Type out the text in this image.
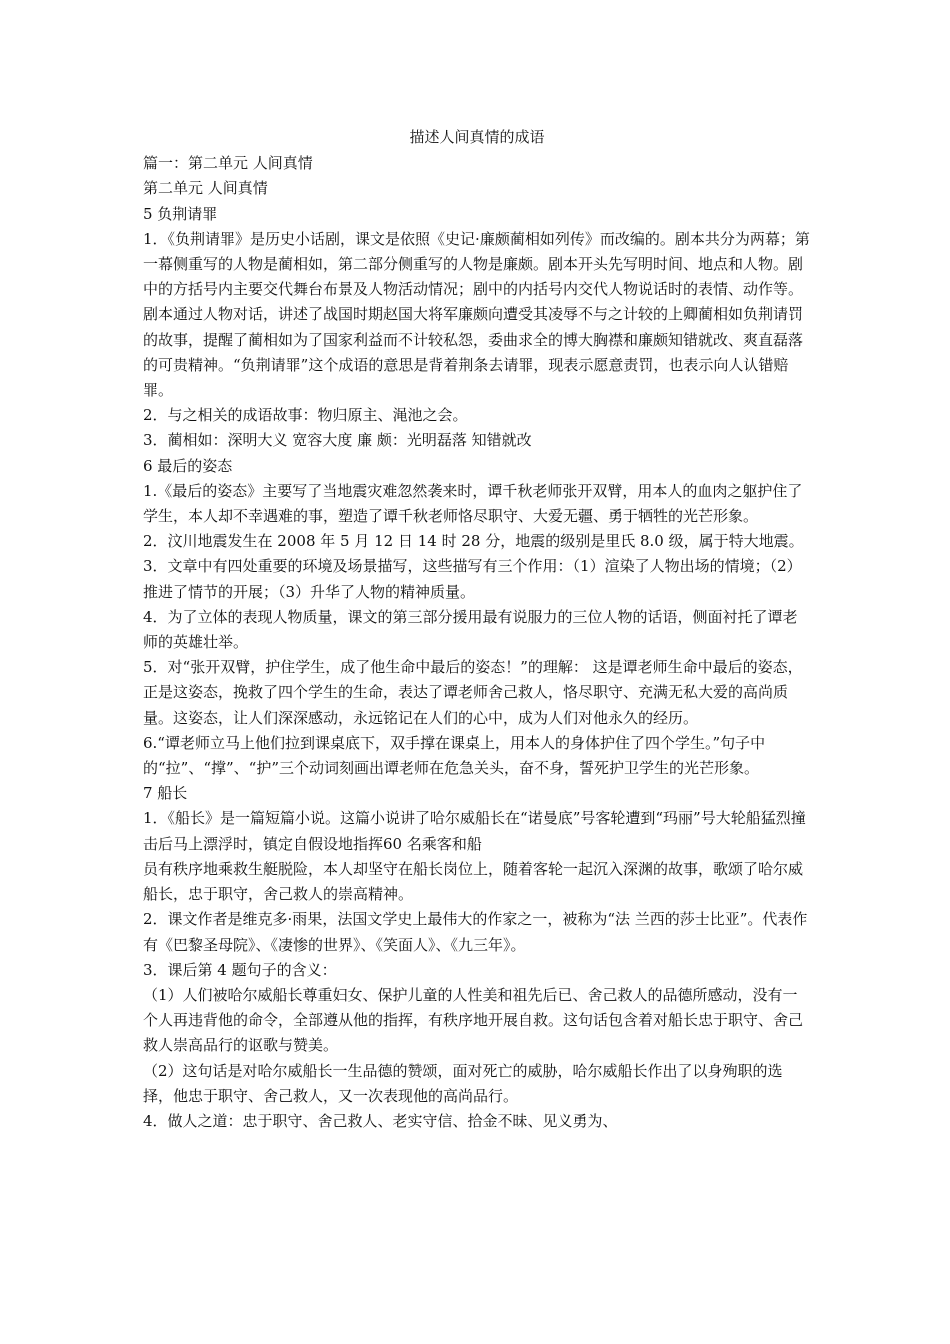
描述人间真情的成语
篇一：第二单元 人间真情
第二单元 人间真情
5 负荆请罪
1．《负荆请罪》是历史小话剧，课文是依照《史记·廉颇蔺相如列传》而改编的。剧本共分为两幕；第一幕侧重写的人物是蔺相如，第二部分侧重写的人物是廉颇。剧本开头先写明时间、地点和人物。剧中的方括号内主要交代舞台布景及人物活动情况；剧中的内括号内交代人物说话时的表情、动作等。剧本通过人物对话，讲述了战国时期赵国大将军廉颇向遭受其凌辱不与之计较的上卿蔺相如负荆请罚的故事，提醒了蔺相如为了国家利益而不计较私怨，委曲求全的博大胸襟和廉颇知错就改、爽直磊落的可贵精神。“负荆请罪”这个成语的意思是背着荆条去请罪，现表示愿意责罚，也表示向人认错赔罪。
2．与之相关的成语故事：物归原主、渑池之会。
3．蔺相如：深明大义 宽容大度 廉 颇：光明磊落 知错就改
6 最后的姿态
1.《最后的姿态》主要写了当地震灾难忽然袭来时，谭千秋老师张开双臂，用本人的血肉之躯护住了学生，本人却不幸遇难的事，塑造了谭千秋老师恪尽职守、大爱无疆、勇于牺牲的光芒形象。
2．汶川地震发生在 2008 年 5 月 12 日 14 时 28 分，地震的级别是里氏 8.0 级，属于特大地震。
3．文章中有四处重要的环境及场景描写，这些描写有三个作用：（1）渲染了人物出场的情境；（2）推进了情节的开展；（3）升华了人物的精神质量。
4．为了立体的表现人物质量，课文的第三部分援用最有说服力的三位人物的话语，侧面衬托了谭老师的英雄壮举。
5．对“张开双臂，护住学生，成了他生命中最后的姿态！”的理解： 这是谭老师生命中最后的姿态，正是这姿态，挽救了四个学生的生命，表达了谭老师舍己救人，恪尽职守、充满无私大爱的高尚质量。这姿态，让人们深深感动，永远铭记在人们的心中，成为人们对他永久的经历。
6.“谭老师立马上他们拉到课桌底下，双手撑在课桌上，用本人的身体护住了四个学生。”句子中的“拉”、“撑”、“护”三个动词刻画出谭老师在危急关头，奋不身，誓死护卫学生的光芒形象。
7 船长
1．《船长》是一篇短篇小说。这篇小说讲了哈尔威船长在“诺曼底”号客轮遭到“玛丽”号大轮船猛烈撞击后马上漂浮时，镇定自假设地指挥60 名乘客和船
员有秩序地乘救生艇脱险，本人却坚守在船长岗位上，随着客轮一起沉入深渊的故事，歌颂了哈尔威船长，忠于职守，舍己救人的崇高精神。
2．课文作者是维克多·雨果，法国文学史上最伟大的作家之一，被称为“法 兰西的莎士比亚”。代表作有《巴黎圣母院》、《凄惨的世界》、《笑面人》、《九三年》。
3．课后第 4 题句子的含义：
（1）人们被哈尔威船长尊重妇女、保护儿童的人性美和祖先后已、舍己救人的品德所感动，没有一个人再违背他的命令，全部遵从他的指挥，有秩序地开展自救。这句话包含着对船长忠于职守、舍己救人崇高品行的讴歌与赞美。
（2）这句话是对哈尔威船长一生品德的赞颂，面对死亡的威胁，哈尔威船长作出了以身殉职的选择，他忠于职守、舍己救人，又一次表现他的高尚品行。
4．做人之道：忠于职守、舍己救人、老实守信、拾金不昧、见义勇为、
